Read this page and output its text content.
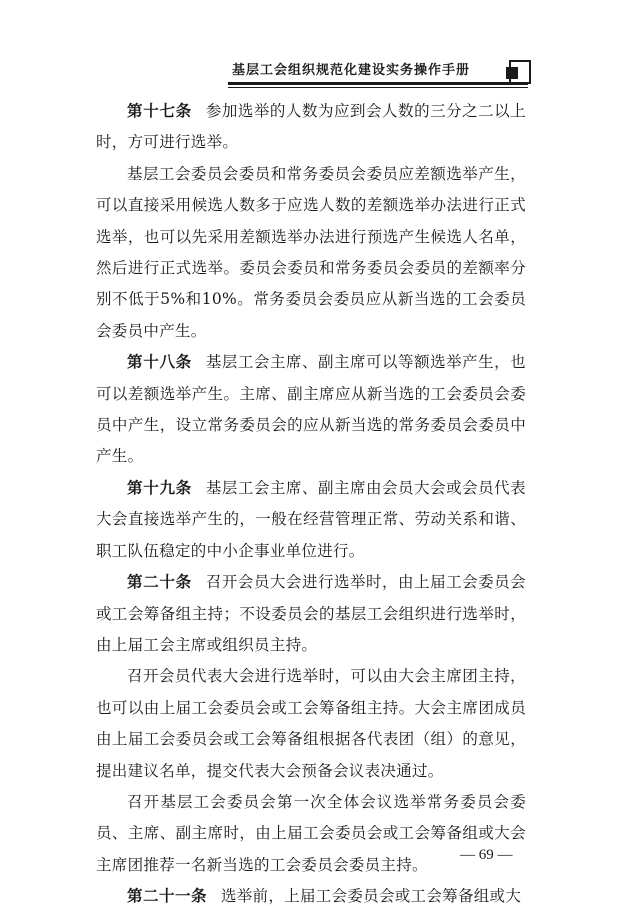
基层工会组织规范化建设实务操作手册

第十七条 参加选举的人数为应到会人数的三分之二以上时，方可进行选举。

基层工会委员会委员和常务委员会委员应差额选举产生，可以直接采用候选人数多于应选人数的差额选举办法进行正式选举，也可以先采用差额选举办法进行预选产生候选人名单，然后进行正式选举。委员会委员和常务委员会委员的差额率分别不低于5%和10%。常务委员会委员应从新当选的工会委员会委员中产生。

第十八条 基层工会主席、副主席可以等额选举产生，也可以差额选举产生。主席、副主席应从新当选的工会委员会委员中产生，设立常务委员会的应从新当选的常务委员会委员中产生。

第十九条 基层工会主席、副主席由会员大会或会员代表大会直接选举产生的，一般在经营管理正常、劳动关系和谐、职工队伍稳定的中小企事业单位进行。

第二十条 召开会员大会进行选举时，由上届工会委员会或工会筹备组主持；不设委员会的基层工会组织进行选举时，由上届工会主席或组织员主持。

召开会员代表大会进行选举时，可以由大会主席团主持，也可以由上届工会委员会或工会筹备组主持。大会主席团成员由上届工会委员会或工会筹备组根据各代表团（组）的意见，提出建议名单，提交代表大会预备会议表决通过。

召开基层工会委员会第一次全体会议选举常务委员会委员、主席、副主席时，由上届工会委员会或工会筹备组或大会主席团推荐一名新当选的工会委员会委员主持。

第二十一条 选举前，上届工会委员会或工会筹备组或大

— 69 —
